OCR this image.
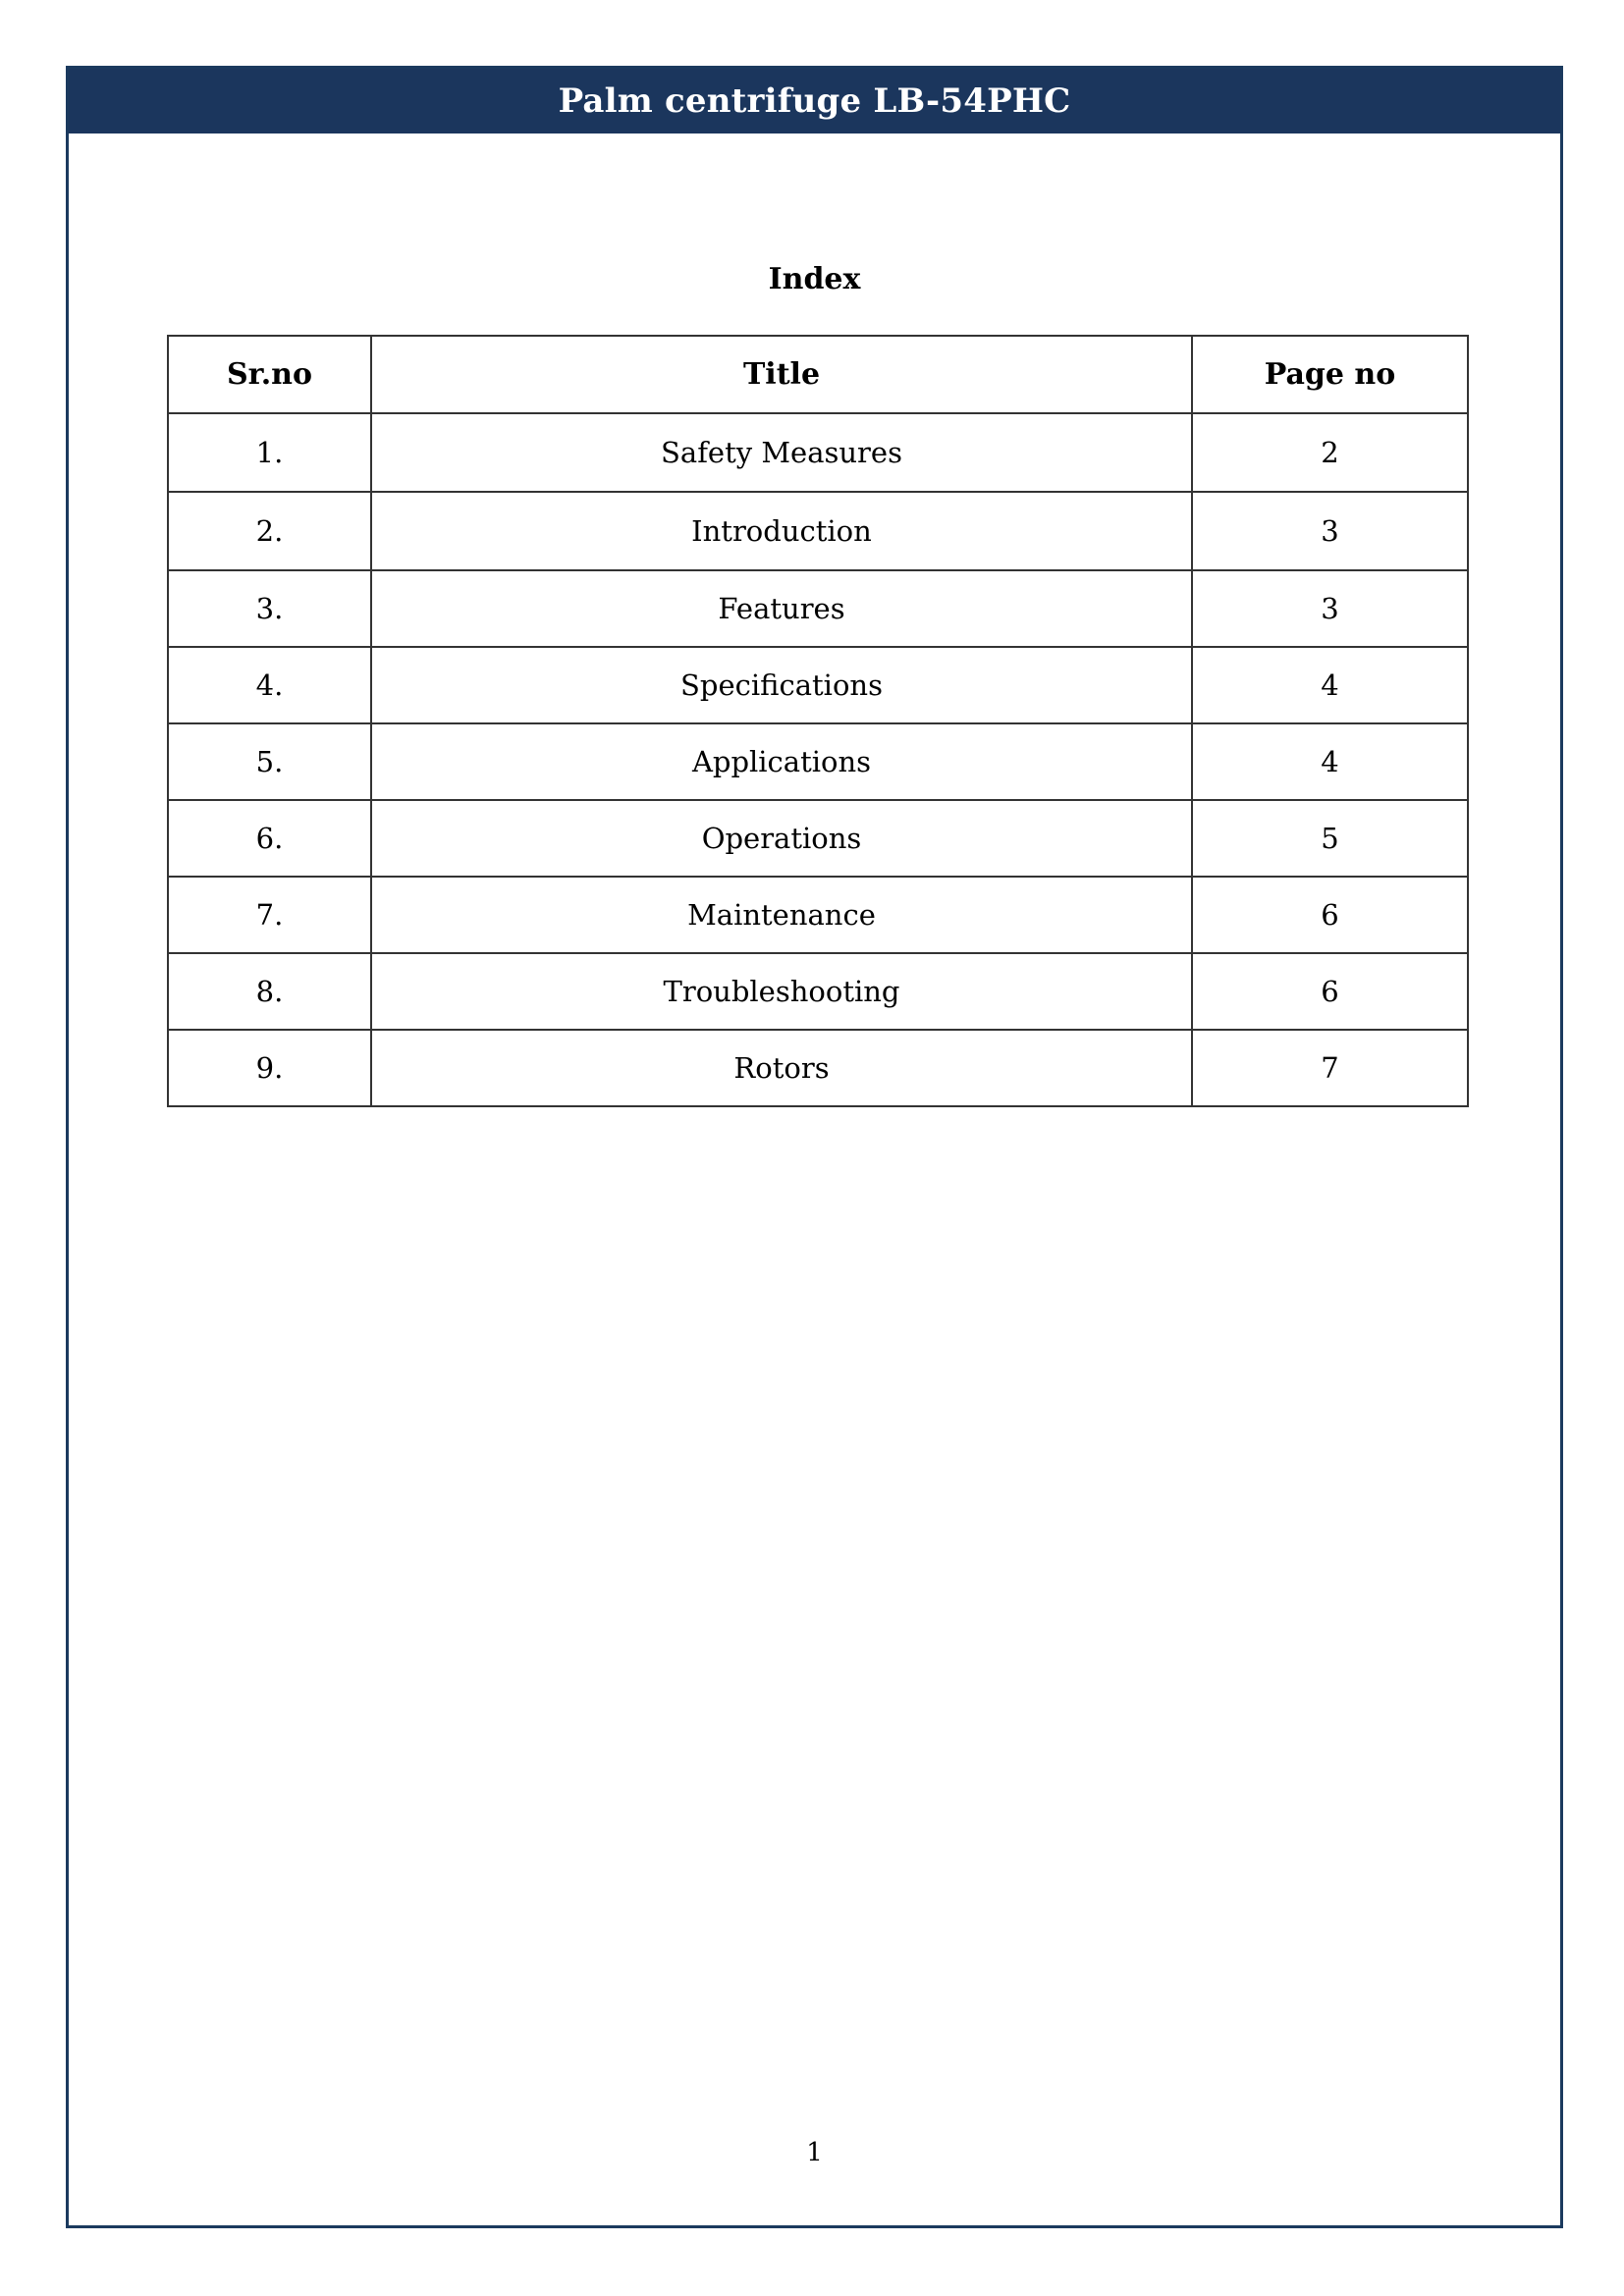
Palm centrifuge LB-54PHC
Index
Sr.no	Title	Page no
1.	Safety Measures	2
2.	Introduction	3
3.	Features	3
4.	Specifications	4
5.	Applications	4
6.	Operations	5
7.	Maintenance	6
8.	Troubleshooting	6
9.	Rotors	7
1
